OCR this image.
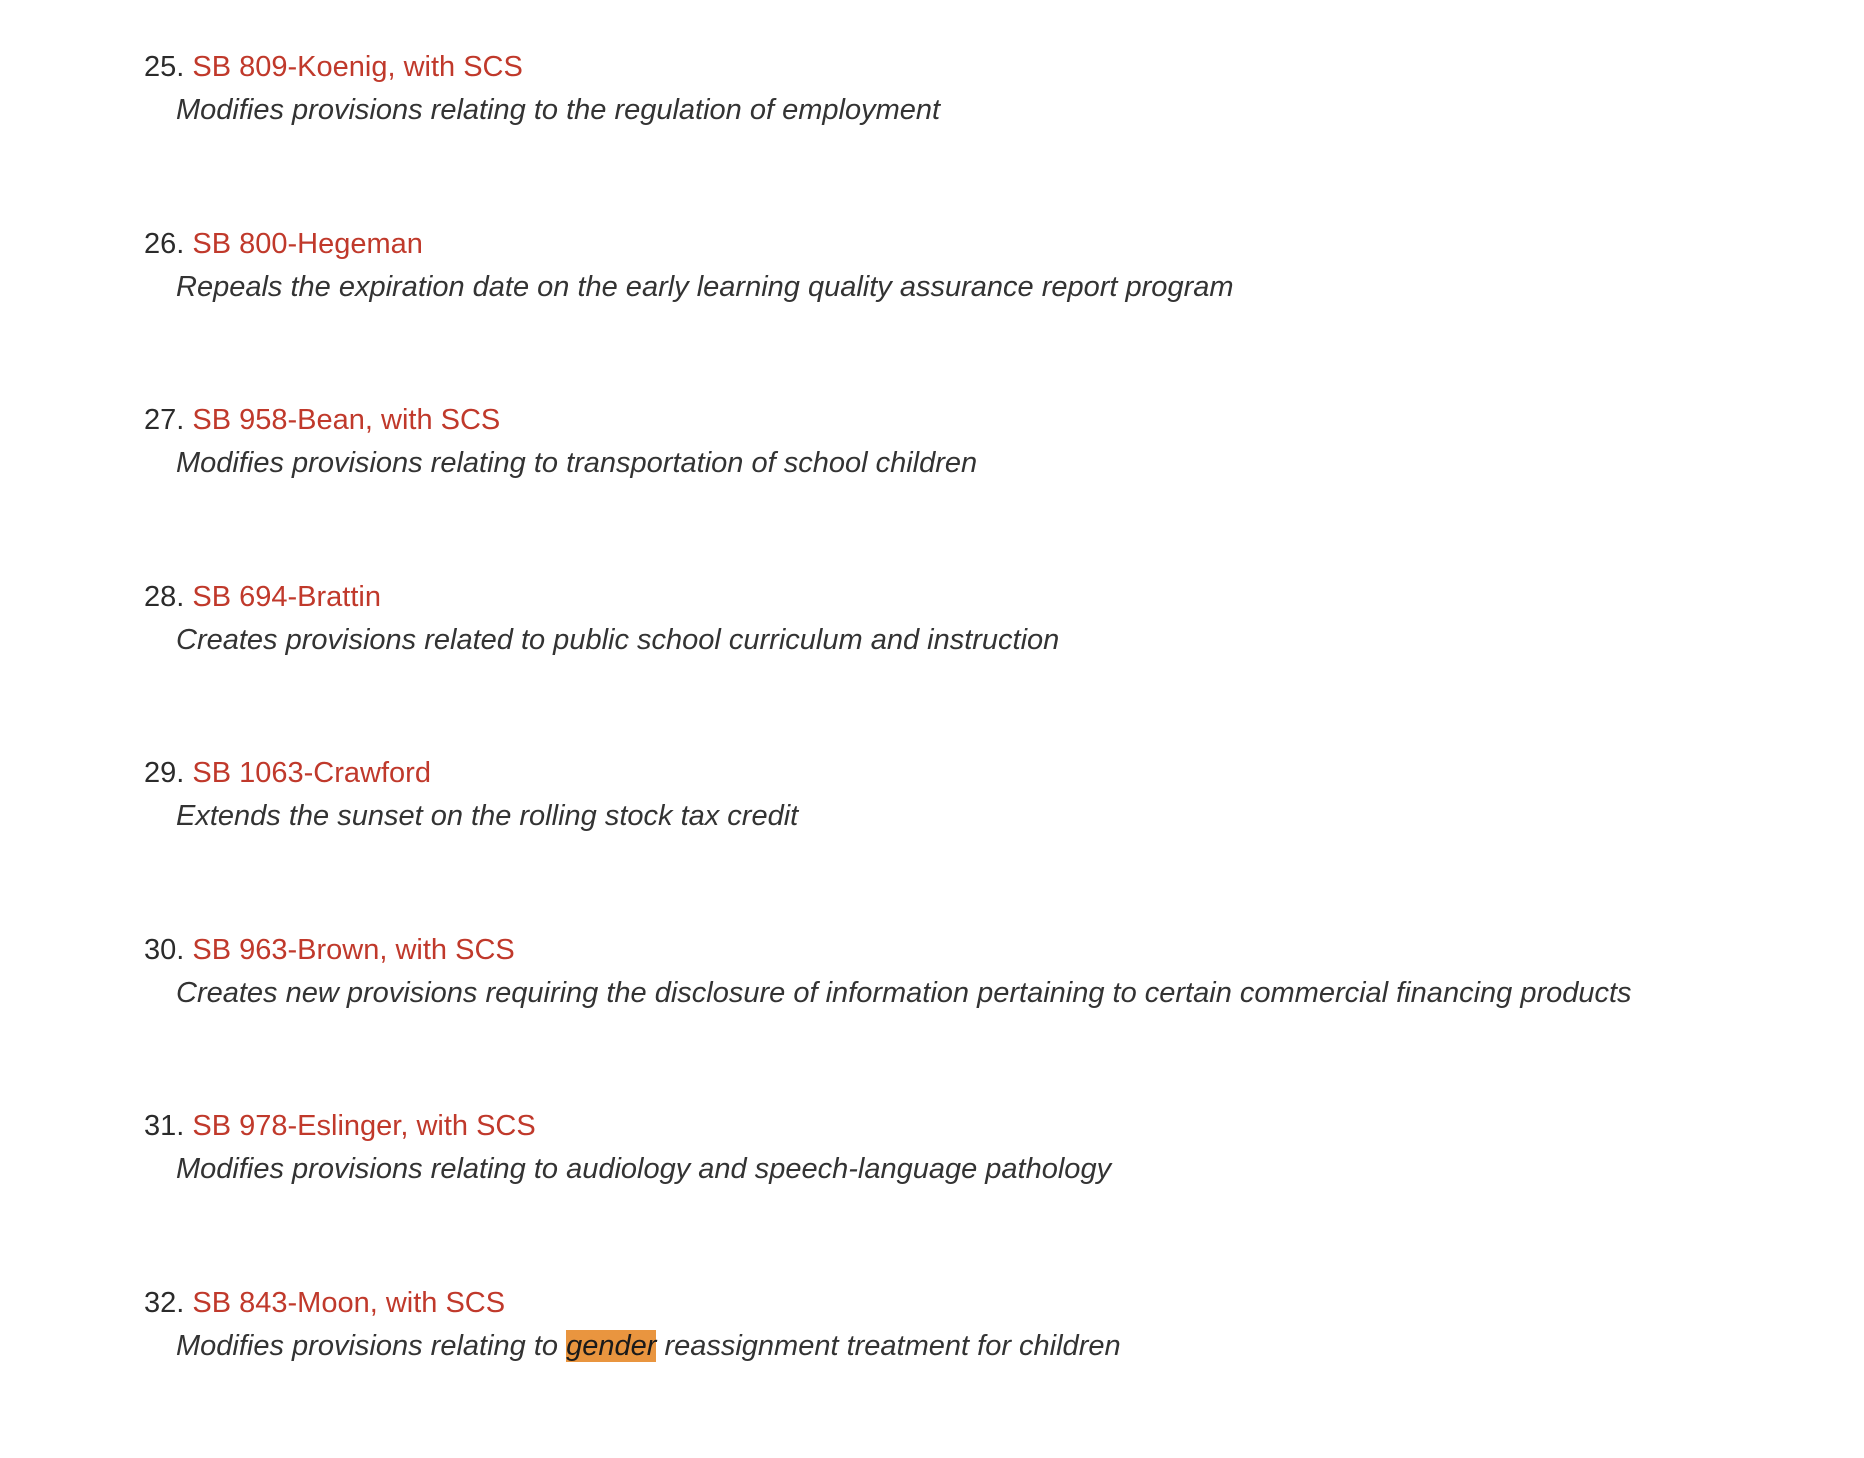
25. SB 809-Koenig, with SCS
Modifies provisions relating to the regulation of employment
26. SB 800-Hegeman
Repeals the expiration date on the early learning quality assurance report program
27. SB 958-Bean, with SCS
Modifies provisions relating to transportation of school children
28. SB 694-Brattin
Creates provisions related to public school curriculum and instruction
29. SB 1063-Crawford
Extends the sunset on the rolling stock tax credit
30. SB 963-Brown, with SCS
Creates new provisions requiring the disclosure of information pertaining to certain commercial financing products
31. SB 978-Eslinger, with SCS
Modifies provisions relating to audiology and speech-language pathology
32. SB 843-Moon, with SCS
Modifies provisions relating to gender reassignment treatment for children
